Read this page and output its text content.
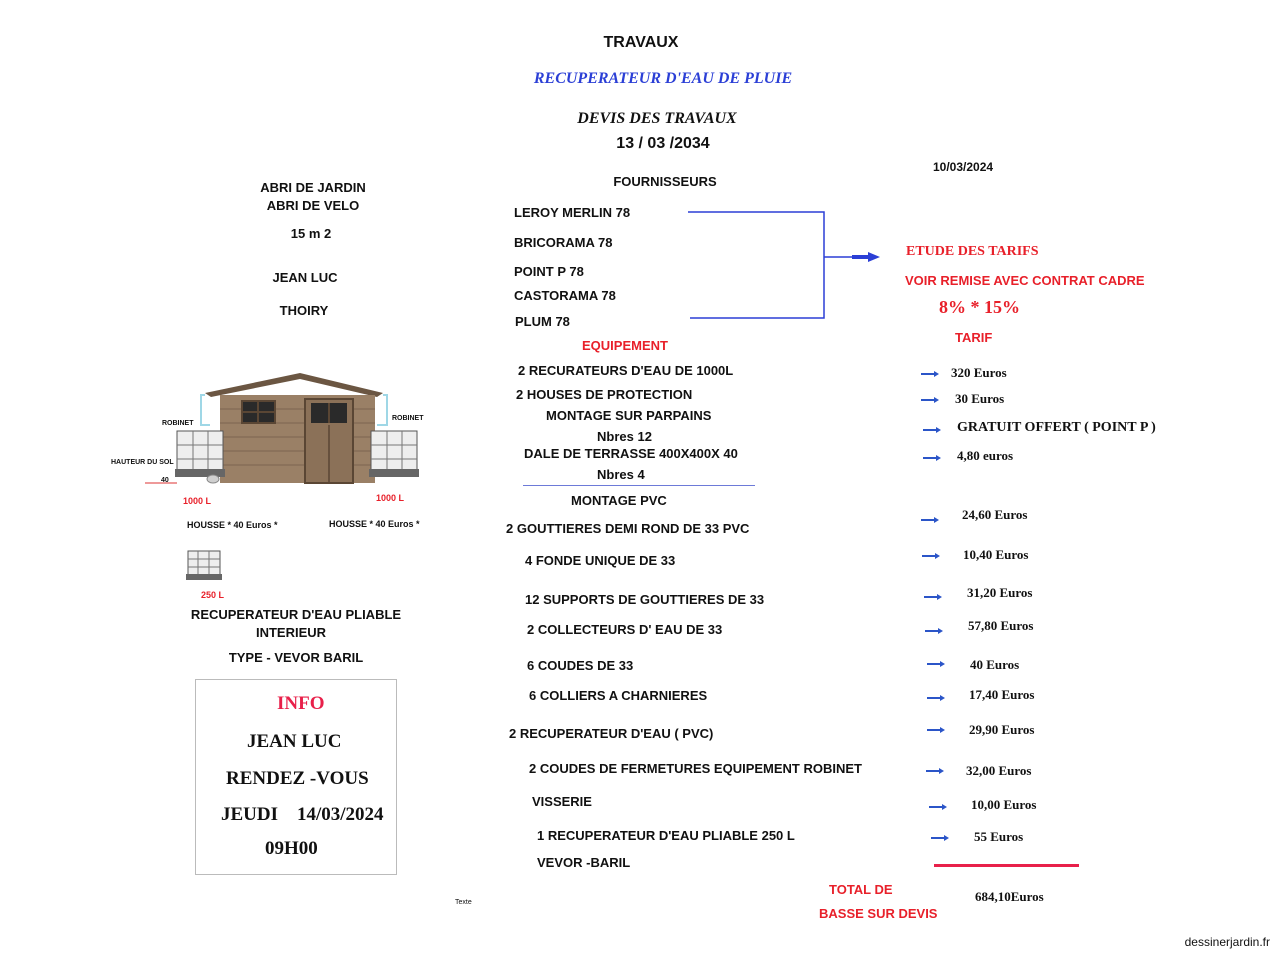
TRAVAUX
RECUPERATEUR D'EAU DE PLUIE
DEVIS DES TRAVAUX
13 / 03 /2034
10/03/2024
ABRI DE JARDIN
ABRI DE VELO
15 m 2
JEAN LUC
THOIRY
ROBINET
ROBINET
HAUTEUR DU SOL
40
1000 L	1000 L
HOUSSE * 40 Euros *	HOUSSE * 40 Euros *
250 L
RECUPERATEUR D'EAU PLIABLE
INTERIEUR
TYPE - VEVOR BARIL
INFO
JEAN LUC
RENDEZ -VOUS
JEUDI 14/03/2024
09H00
Texte
FOURNISSEURS
LEROY MERLIN 78
BRICORAMA 78
POINT P 78
CASTORAMA 78
PLUM 78
ETUDE DES TARIFS
VOIR REMISE AVEC CONTRAT CADRE
8% * 15%
TARIF
EQUIPEMENT
2 RECURATEURS D'EAU DE 1000L
2 HOUSES DE PROTECTION
MONTAGE SUR PARPAINS
Nbres 12
DALE DE TERRASSE 400X400X 40
Nbres 4
320 Euros
30 Euros
GRATUIT OFFERT ( POINT P )
4,80 euros
MONTAGE PVC
2 GOUTTIERES DEMI ROND DE 33 PVC
4 FONDE UNIQUE DE 33
12 SUPPORTS DE GOUTTIERES DE 33
2 COLLECTEURS D' EAU DE 33
6 COUDES DE 33
6 COLLIERS A CHARNIERES
2 RECUPERATEUR D'EAU ( PVC)
2 COUDES DE FERMETURES EQUIPEMENT ROBINET
VISSERIE
1 RECUPERATEUR D'EAU PLIABLE 250 L
VEVOR -BARIL
24,60 Euros
10,40 Euros
31,20 Euros
57,80 Euros
40 Euros
17,40 Euros
29,90 Euros
32,00 Euros
10,00 Euros
55 Euros
TOTAL DE
BASSE SUR DEVIS
684,10Euros
dessinerjardin.fr
